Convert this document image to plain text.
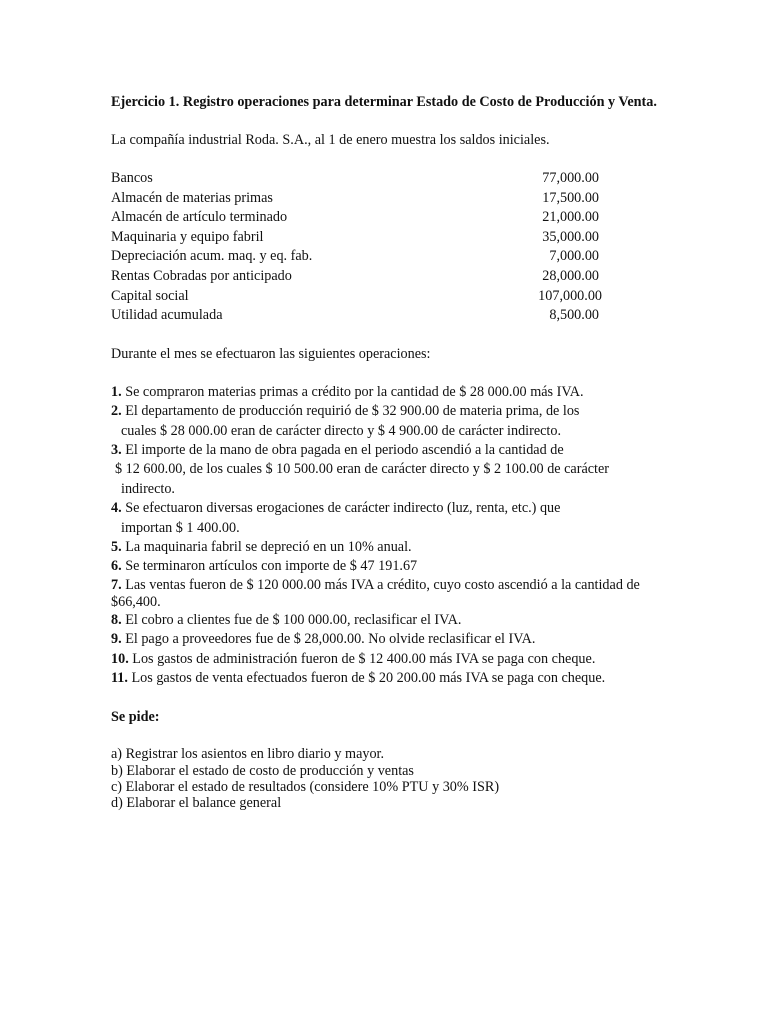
Ejercicio 1. Registro operaciones para determinar Estado de Costo de Producción y Venta.
La compañía industrial Roda. S.A., al 1 de enero muestra los saldos iniciales.
Bancos	77,000.00
Almacén de materias primas	17,500.00
Almacén de artículo terminado	21,000.00
Maquinaria y equipo fabril	35,000.00
Depreciación acum. maq. y eq. fab.	7,000.00
Rentas Cobradas por anticipado	28,000.00
Capital social	107,000.00
Utilidad acumulada	8,500.00
Durante el mes se efectuaron las siguientes operaciones:
1. Se compraron materias primas a crédito por la cantidad de $ 28 000.00 más IVA.
2. El departamento de producción requirió de $ 32 900.00 de materia prima, de los
cuales $ 28 000.00 eran de carácter directo y $ 4 900.00 de carácter indirecto.
3. El importe de la mano de obra pagada en el periodo ascendió a la cantidad de
$ 12 600.00, de los cuales $ 10 500.00 eran de carácter directo y $ 2 100.00 de carácter
indirecto.
4. Se efectuaron diversas erogaciones de carácter indirecto (luz, renta, etc.) que
importan $ 1 400.00.
5. La maquinaria fabril se depreció en un 10% anual.
6. Se terminaron artículos con importe de $ 47 191.67
7. Las ventas fueron de $ 120 000.00 más IVA a crédito, cuyo costo ascendió a la cantidad de
$66,400.
8. El cobro a clientes fue de $ 100 000.00, reclasificar el IVA.
9. El pago a proveedores fue de $ 28,000.00. No olvide reclasificar el IVA.
10. Los gastos de administración fueron de $ 12 400.00 más IVA se paga con cheque.
11. Los gastos de venta efectuados fueron de $ 20 200.00 más IVA se paga con cheque.
Se pide:
a) Registrar los asientos en libro diario y mayor.
b) Elaborar el estado de costo de producción y ventas
c) Elaborar el estado de resultados (considere 10% PTU y 30% ISR)
d) Elaborar el balance general
